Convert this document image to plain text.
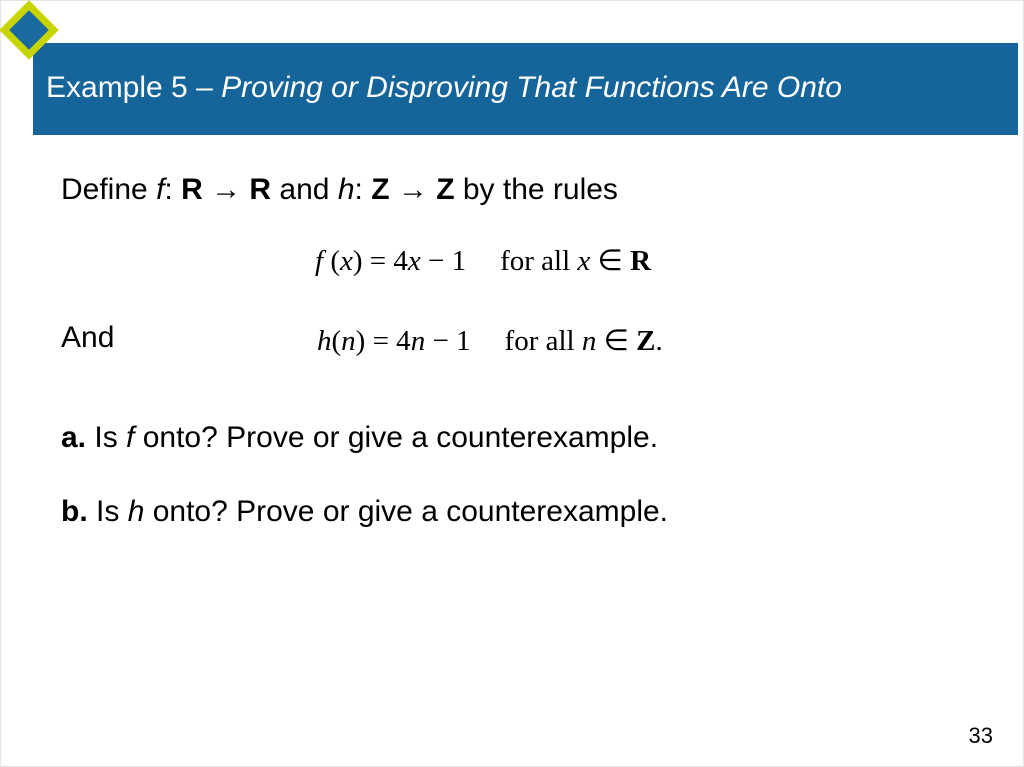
Example 5 – Proving or Disproving That Functions Are Onto
Define f: R → R and h: Z → Z by the rules
f (x) = 4x − 1 for all x ∈ R
And	h(n) = 4n − 1 for all n ∈ Z.
a. Is f onto? Prove or give a counterexample.
b. Is h onto? Prove or give a counterexample.
33
